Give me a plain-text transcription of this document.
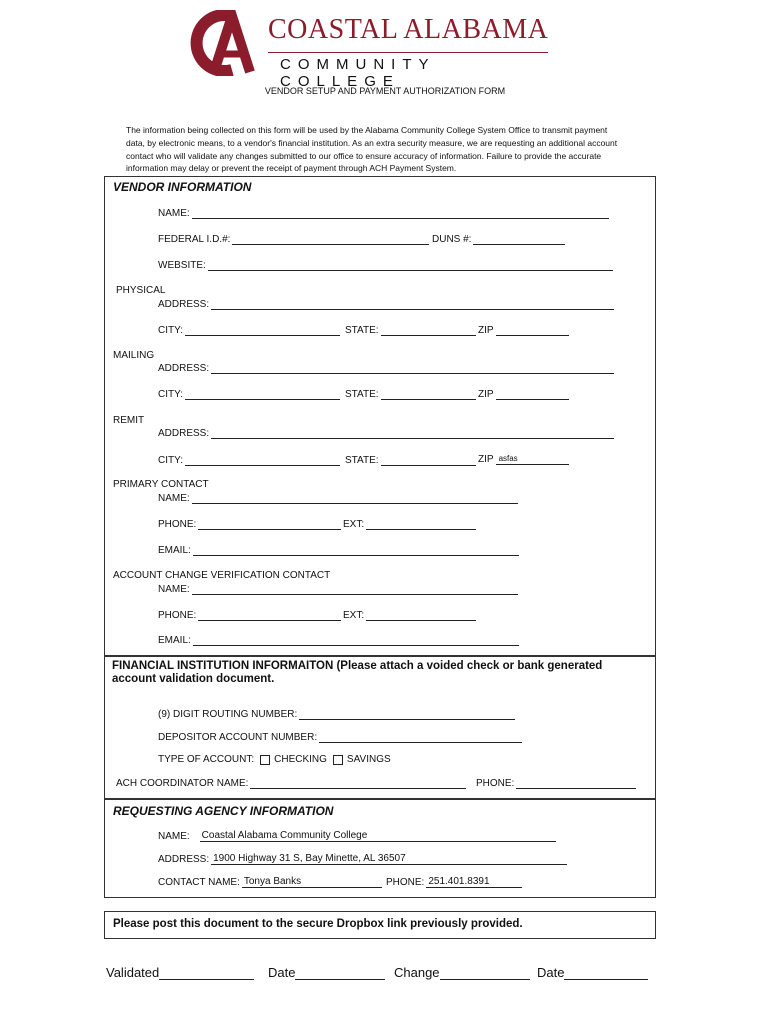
COASTAL ALABAMA
COMMUNITY COLLEGE
VENDOR SETUP AND PAYMENT AUTHORIZATION FORM
The information being collected on this form will be used by the Alabama Community College System Office to transmit payment data, by electronic means, to a vendor's financial institution. As an extra security measure, we are requesting an additional account contact who will validate any changes submitted to our office to ensure accuracy of information. Failure to provide the accurate information may delay or prevent the receipt of payment through ACH Payment System.
VENDOR INFORMATION
NAME:
FEDERAL I.D.#:	DUNS #:
WEBSITE:
PHYSICAL
ADDRESS:
CITY:	STATE:	ZIP
MAILING
ADDRESS:
CITY:	STATE:	ZIP
REMIT
ADDRESS:
CITY:	STATE:	ZIP asfas
PRIMARY CONTACT
NAME:
PHONE:	EXT:
EMAIL:
ACCOUNT CHANGE VERIFICATION CONTACT
NAME:
PHONE:	EXT:
EMAIL:
FINANCIAL INSTITUTION INFORMAITON (Please attach a voided check or bank generated account validation document.
(9) DIGIT ROUTING NUMBER:
DEPOSITOR ACCOUNT NUMBER:
TYPE OF ACCOUNT: CHECKING SAVINGS
ACH COORDINATOR NAME:	PHONE:
REQUESTING AGENCY INFORMATION
NAME: Coastal Alabama Community College
ADDRESS: 1900 Highway 31 S, Bay Minette, AL 36507
CONTACT NAME: Tonya Banks	PHONE: 251.401.8391
Please post this document to the secure Dropbox link previously provided.
Validated	Date	Change	Date
